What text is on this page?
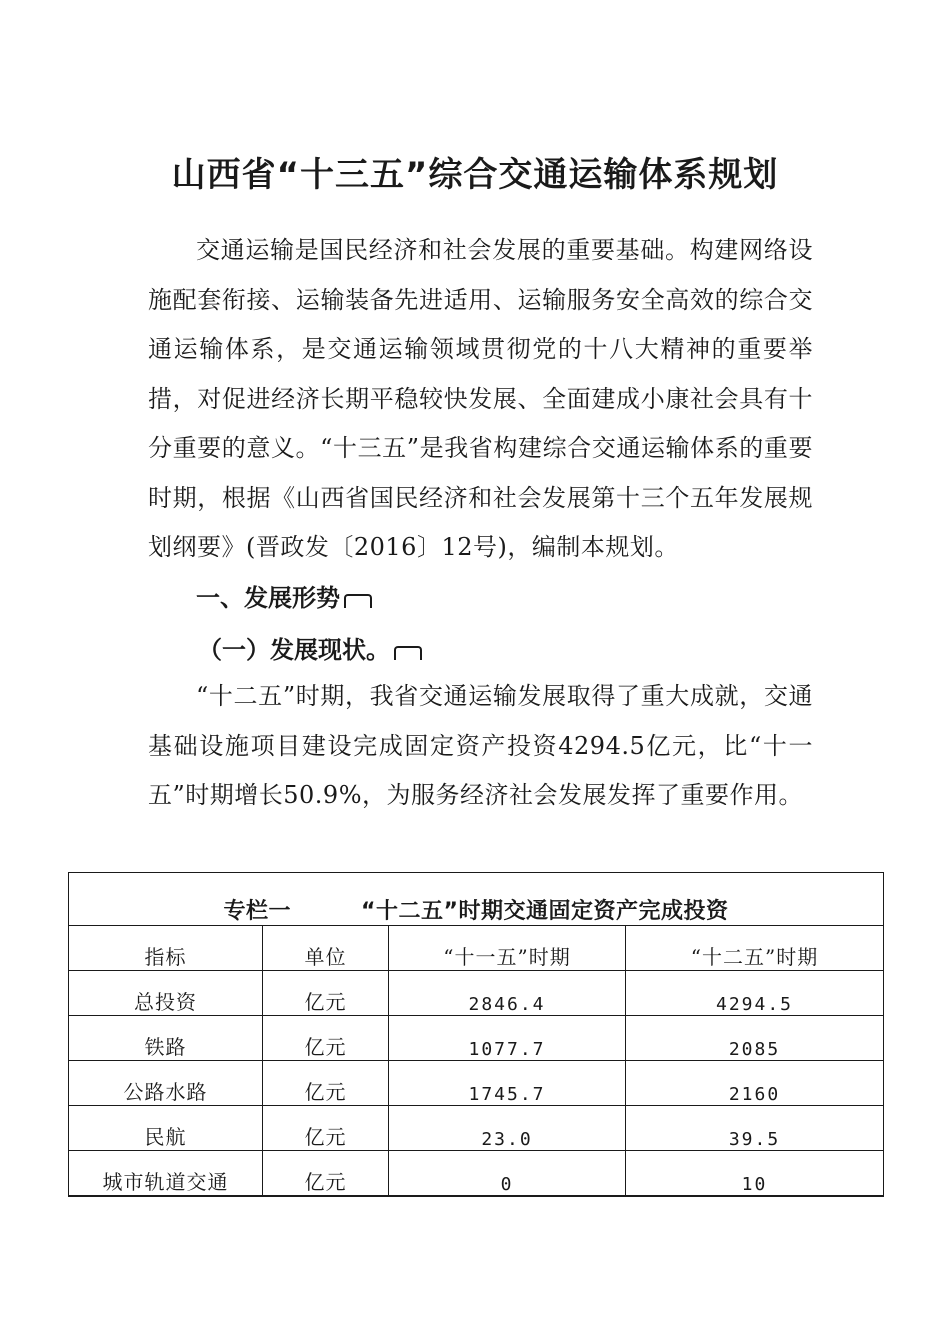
山西省“十三五”综合交通运输体系规划
交通运输是国民经济和社会发展的重要基础。构建网络设施配套衔接、运输装备先进适用、运输服务安全高效的综合交通运输体系，是交通运输领域贯彻党的十八大精神的重要举措，对促进经济长期平稳较快发展、全面建成小康社会具有十分重要的意义。“十三五”是我省构建综合交通运输体系的重要时期，根据《山西省国民经济和社会发展第十三个五年发展规划纲要》(晋政发〔2016〕12号)，编制本规划。
一、发展形势
（一）发展现状。
“十二五”时期，我省交通运输发展取得了重大成就，交通基础设施项目建设完成固定资产投资4294.5亿元，比“十一五”时期增长50.9%，为服务经济社会发展发挥了重要作用。
专栏一 “十二五”时期交通固定资产完成投资			
指标	单位	“十一五”时期	“十二五”时期
总投资	亿元	2846.4	4294.5
铁路	亿元	1077.7	2085
公路水路	亿元	1745.7	2160
民航	亿元	23.0	39.5
城市轨道交通	亿元	0	10
